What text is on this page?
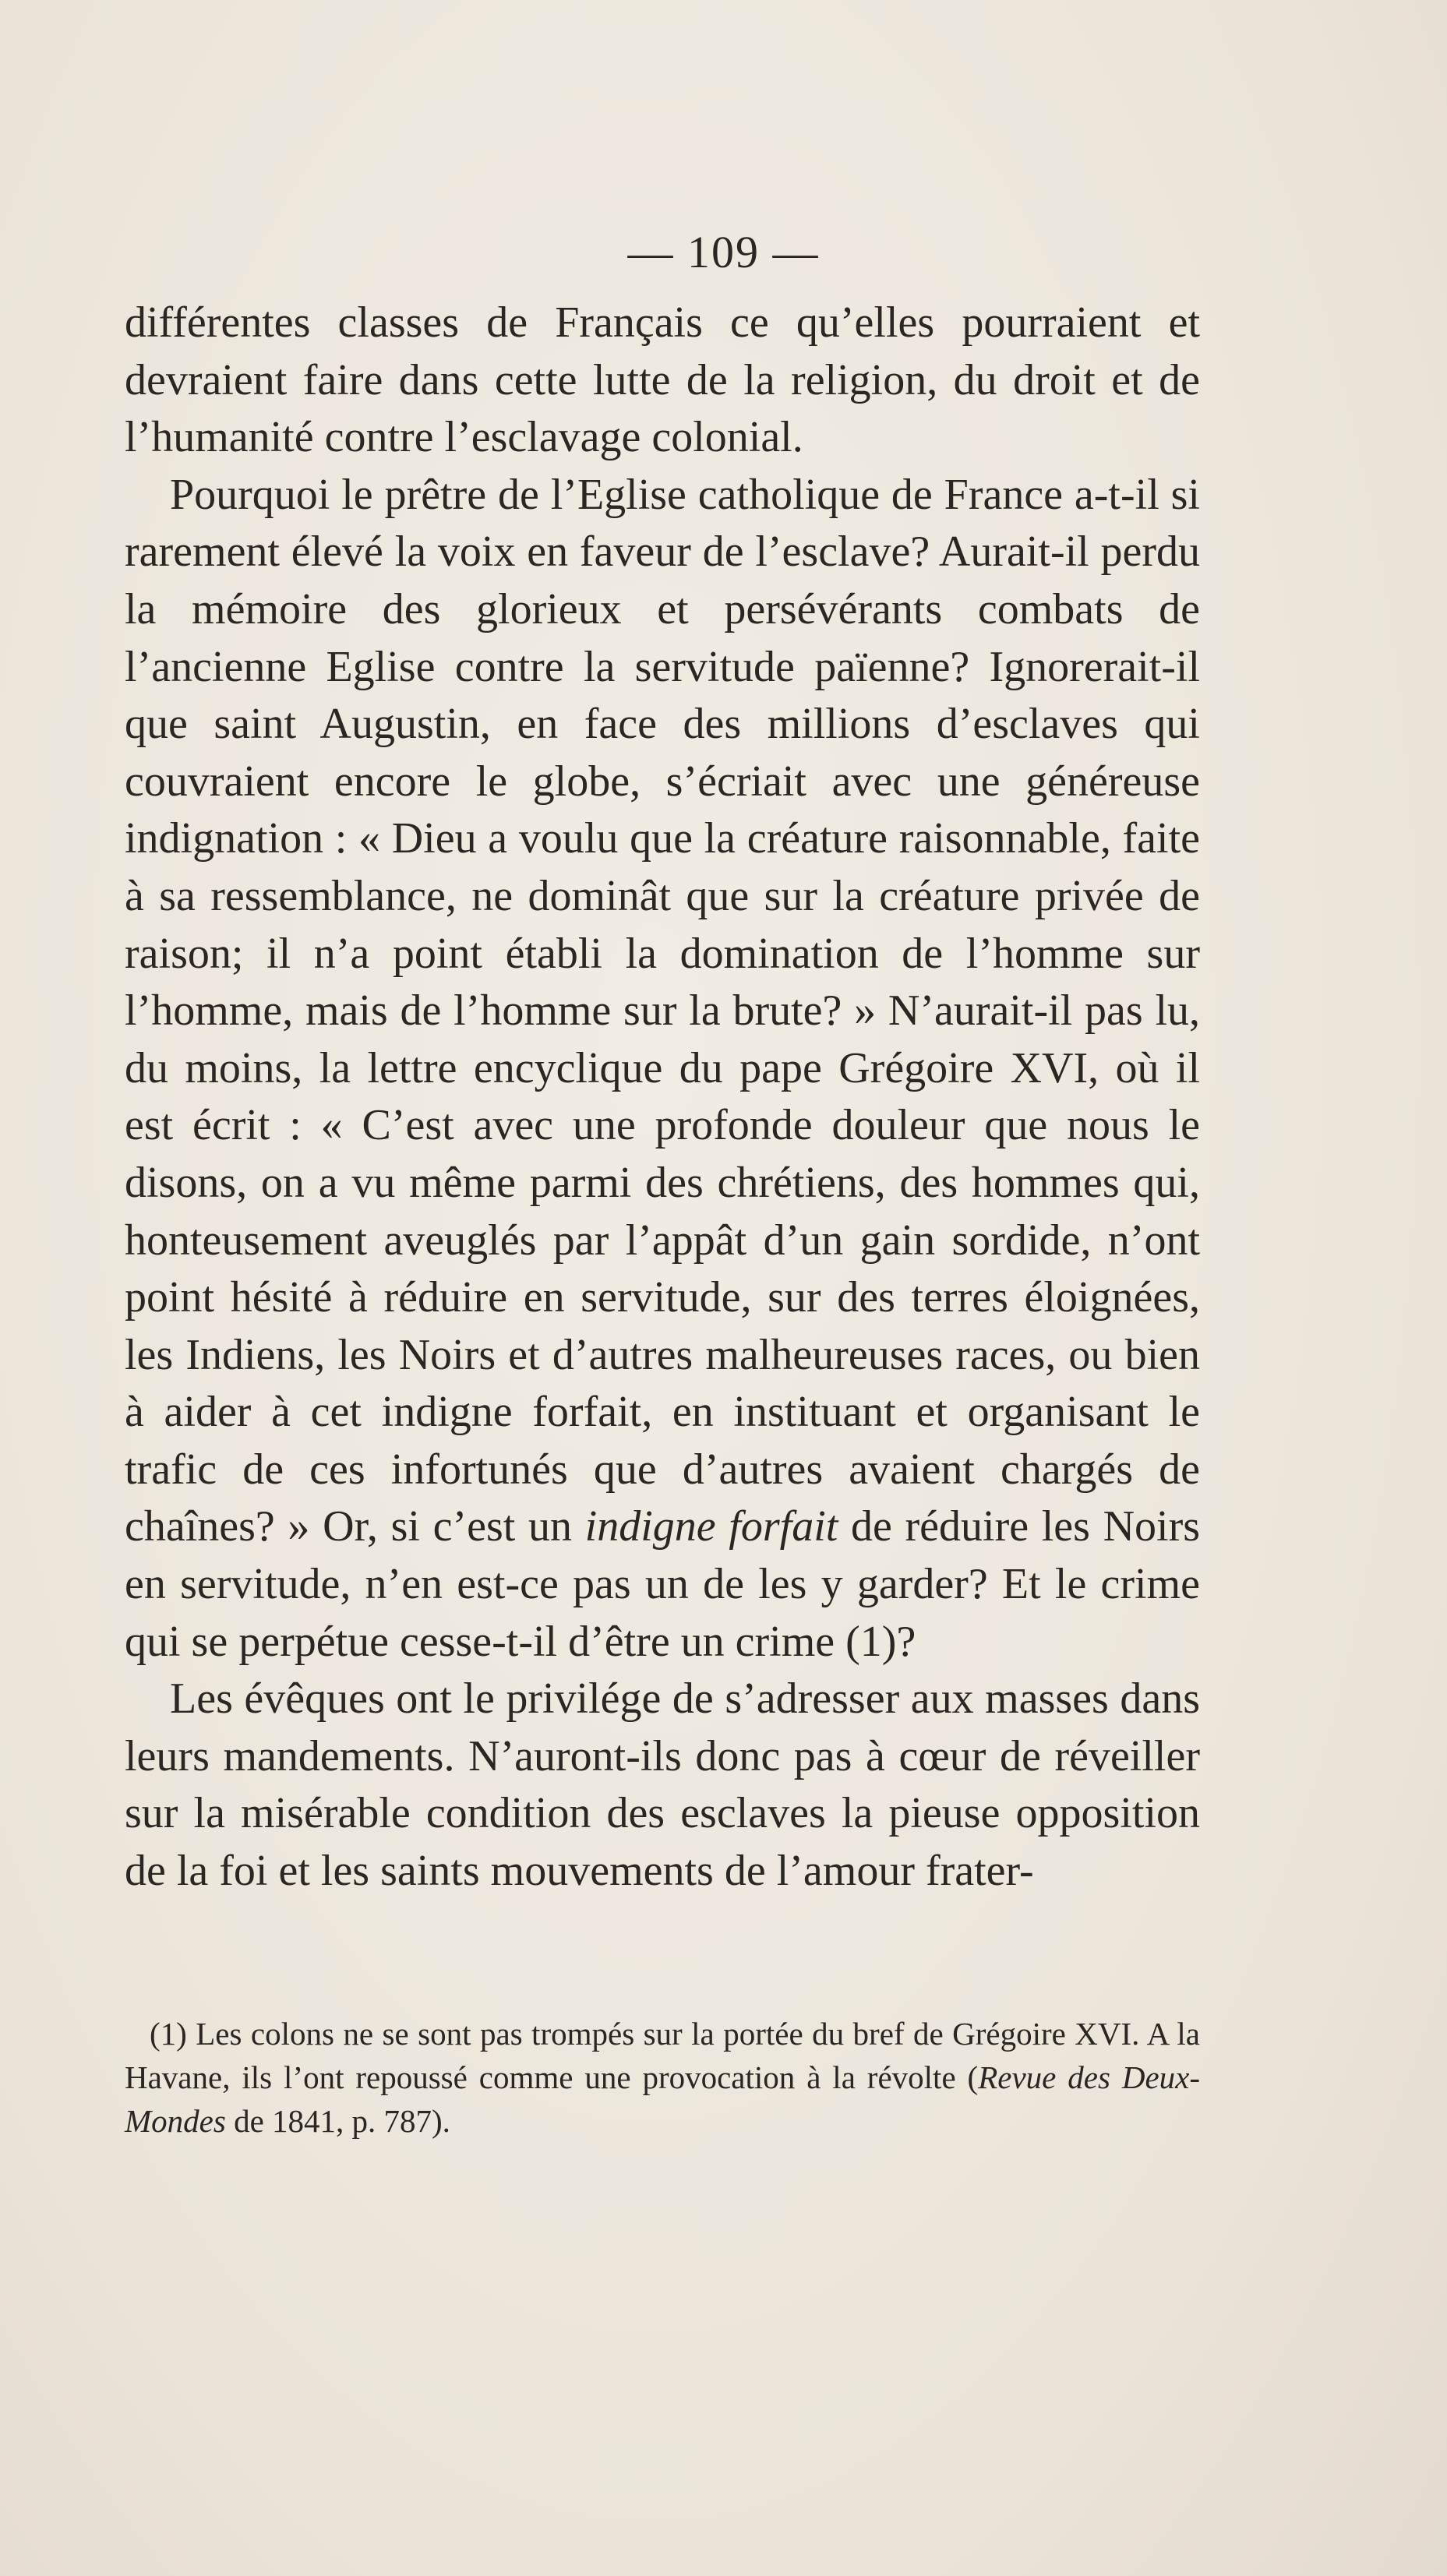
— 109 —

différentes classes de Français ce qu’elles pourraient et devraient faire dans cette lutte de la religion, du droit et de l’humanité contre l’esclavage colonial.

Pourquoi le prêtre de l’Eglise catholique de France a-t-il si rarement élevé la voix en faveur de l’esclave? Aurait-il perdu la mémoire des glorieux et persévérants combats de l’ancienne Eglise contre la servitude païenne? Ignorerait-il que saint Augustin, en face des millions d’esclaves qui couvraient encore le globe, s’écriait avec une généreuse indignation : « Dieu a voulu que la créature raisonnable, faite à sa ressemblance, ne dominât que sur la créature privée de raison; il n’a point établi la domination de l’homme sur l’homme, mais de l’homme sur la brute? » N’aurait-il pas lu, du moins, la lettre encyclique du pape Grégoire XVI, où il est écrit : « C’est avec une profonde douleur que nous le disons, on a vu même parmi des chrétiens, des hommes qui, honteusement aveuglés par l’appât d’un gain sordide, n’ont point hésité à réduire en servitude, sur des terres éloignées, les Indiens, les Noirs et d’autres malheureuses races, ou bien à aider à cet indigne forfait, en instituant et organisant le trafic de ces infortunés que d’autres avaient chargés de chaînes? » Or, si c’est un indigne forfait de réduire les Noirs en servitude, n’en est-ce pas un de les y garder? Et le crime qui se perpétue cesse-t-il d’être un crime (1)?

Les évêques ont le privilége de s’adresser aux masses dans leurs mandements. N’auront-ils donc pas à cœur de réveiller sur la misérable condition des esclaves la pieuse opposition de la foi et les saints mouvements de l’amour frater-

(1) Les colons ne se sont pas trompés sur la portée du bref de Grégoire XVI. A la Havane, ils l’ont repoussé comme une provocation à la révolte (Revue des Deux-Mondes de 1841, p. 787).
